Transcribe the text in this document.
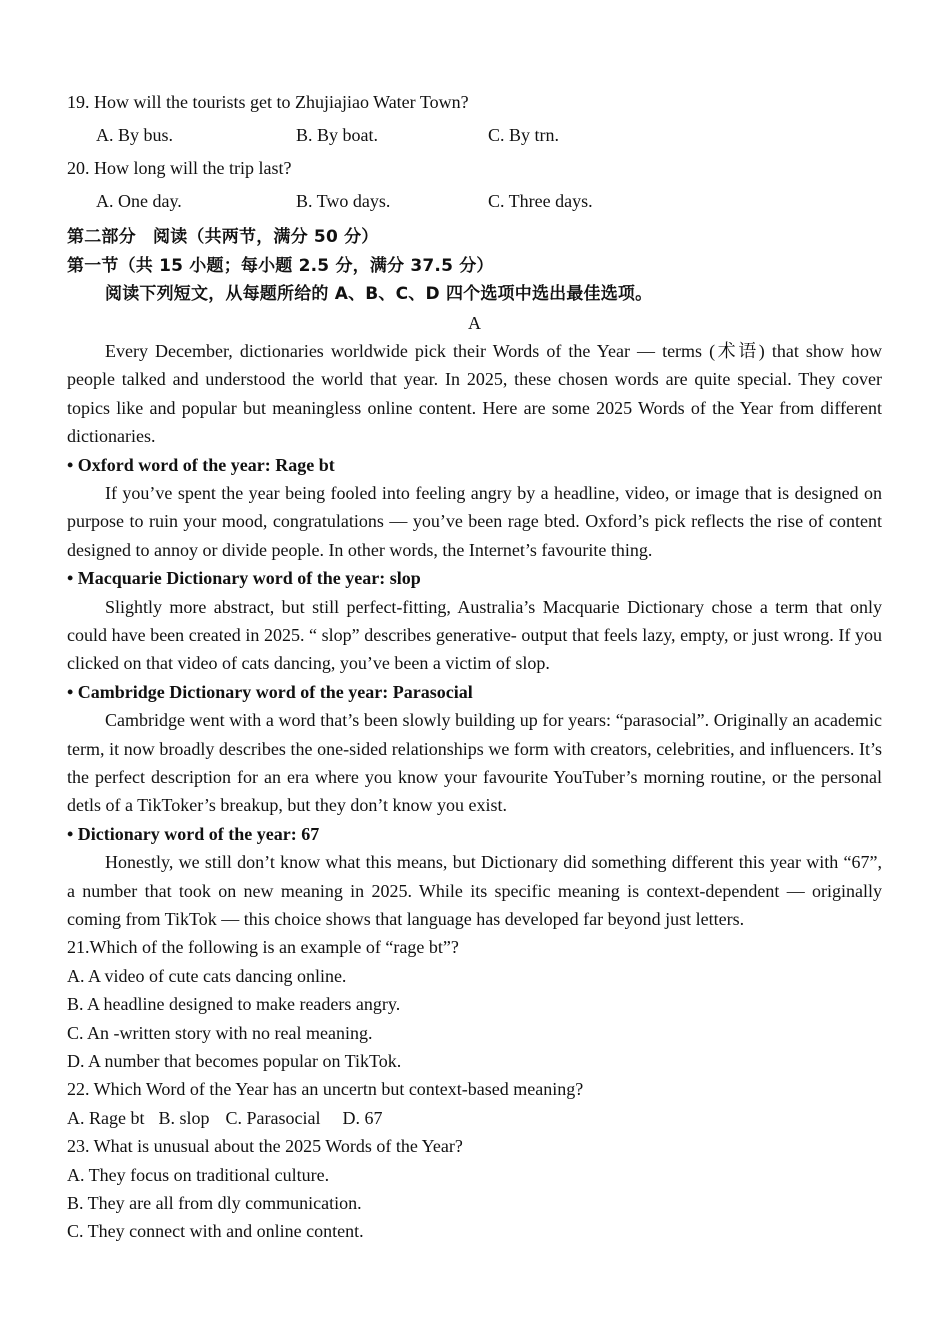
19. How will the tourists get to Zhujiajiao Water Town?
A. By bus.	B. By boat.	C. By trn.
20. How long will the trip last?
A. One day.	B. Two days.	C. Three days.
第二部分　阅读（共两节，满分 50 分）
第一节（共 15 小题；每小题 2.5 分，满分 37.5 分）
阅读下列短文，从每题所给的 A、B、C、D 四个选项中选出最佳选项。
A

Every December, dictionaries worldwide pick their Words of the Year — terms (术语) that show how people talked and understood the world that year. In 2025, these chosen words are quite special. They cover topics like and popular but meaningless online content. Here are some 2025 Words of the Year from different dictionaries.

• Oxford word of the year: Rage bt

If you’ve spent the year being fooled into feeling angry by a headline, video, or image that is designed on purpose to ruin your mood, congratulations — you’ve been rage bted. Oxford’s pick reflects the rise of content designed to annoy or divide people. In other words, the Internet’s favourite thing.

• Macquarie Dictionary word of the year: slop

Slightly more abstract, but still perfect-fitting, Australia’s Macquarie Dictionary chose a term that only could have been created in 2025. “ slop” describes generative- output that feels lazy, empty, or just wrong. If you clicked on that video of cats dancing, you’ve been a victim of slop.

• Cambridge Dictionary word of the year: Parasocial

Cambridge went with a word that’s been slowly building up for years: “parasocial”. Originally an academic term, it now broadly describes the one-sided relationships we form with creators, celebrities, and influencers. It’s the perfect description for an era where you know your favourite YouTuber’s morning routine, or the personal detls of a TikToker’s breakup, but they don’t know you exist.

• Dictionary word of the year: 67

Honestly, we still don’t know what this means, but Dictionary did something different this year with “67”, a number that took on new meaning in 2025. While its specific meaning is context-dependent — originally coming from TikTok — this choice shows that language has developed far beyond just letters.

21.Which of the following is an example of “rage bt”?
A. A video of cute cats dancing online.
B. A headline designed to make readers angry.
C. An -written story with no real meaning.
D. A number that becomes popular on TikTok.
22. Which Word of the Year has an uncertn but context-based meaning?
A. Rage bt B. slop C. Parasocial D. 67
23. What is unusual about the 2025 Words of the Year?
A. They focus on traditional culture.
B. They are all from dly communication.
C. They connect with and online content.
